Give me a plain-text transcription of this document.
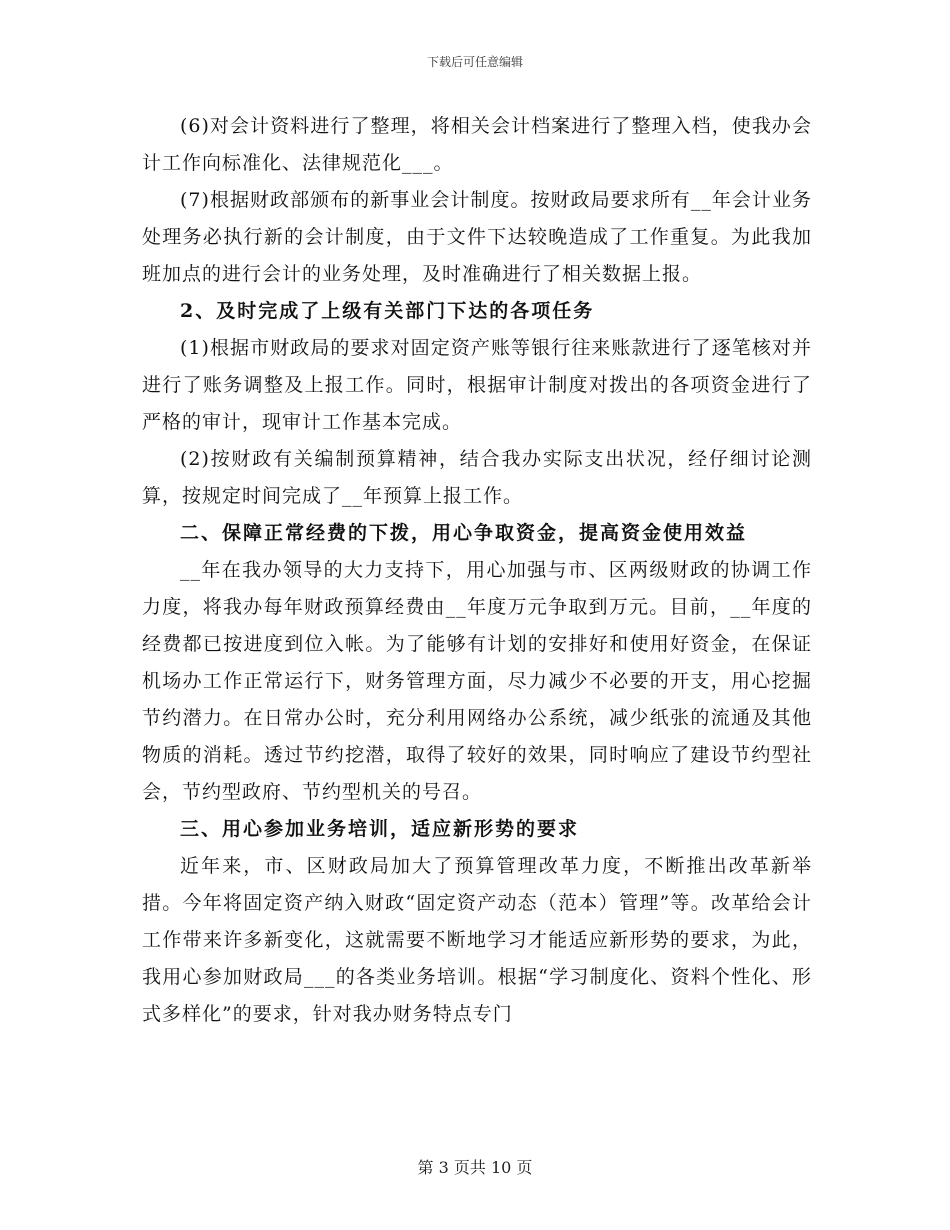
下载后可任意编辑

(6)对会计资料进行了整理，将相关会计档案进行了整理入档，使我办会计工作向标准化、法律规范化___。

(7)根据财政部颁布的新事业会计制度。按财政局要求所有__年会计业务处理务必执行新的会计制度，由于文件下达较晚造成了工作重复。为此我加班加点的进行会计的业务处理，及时准确进行了相关数据上报。

2、及时完成了上级有关部门下达的各项任务

(1)根据市财政局的要求对固定资产账等银行往来账款进行了逐笔核对并进行了账务调整及上报工作。同时，根据审计制度对拨出的各项资金进行了严格的审计，现审计工作基本完成。

(2)按财政有关编制预算精神，结合我办实际支出状况，经仔细讨论测算，按规定时间完成了__年预算上报工作。

二、保障正常经费的下拨，用心争取资金，提高资金使用效益

__年在我办领导的大力支持下，用心加强与市、区两级财政的协调工作力度，将我办每年财政预算经费由__年度万元争取到万元。目前，__年度的经费都已按进度到位入帐。为了能够有计划的安排好和使用好资金，在保证机场办工作正常运行下，财务管理方面，尽力减少不必要的开支，用心挖掘节约潜力。在日常办公时，充分利用网络办公系统，减少纸张的流通及其他物质的消耗。透过节约挖潜，取得了较好的效果，同时响应了建设节约型社会，节约型政府、节约型机关的号召。

三、用心参加业务培训，适应新形势的要求

近年来，市、区财政局加大了预算管理改革力度，不断推出改革新举措。今年将固定资产纳入财政“固定资产动态（范本）管理”等。改革给会计工作带来许多新变化，这就需要不断地学习才能适应新形势的要求，为此，我用心参加财政局___的各类业务培训。根据“学习制度化、资料个性化、形式多样化”的要求，针对我办财务特点专门

第 3 页共 10 页
